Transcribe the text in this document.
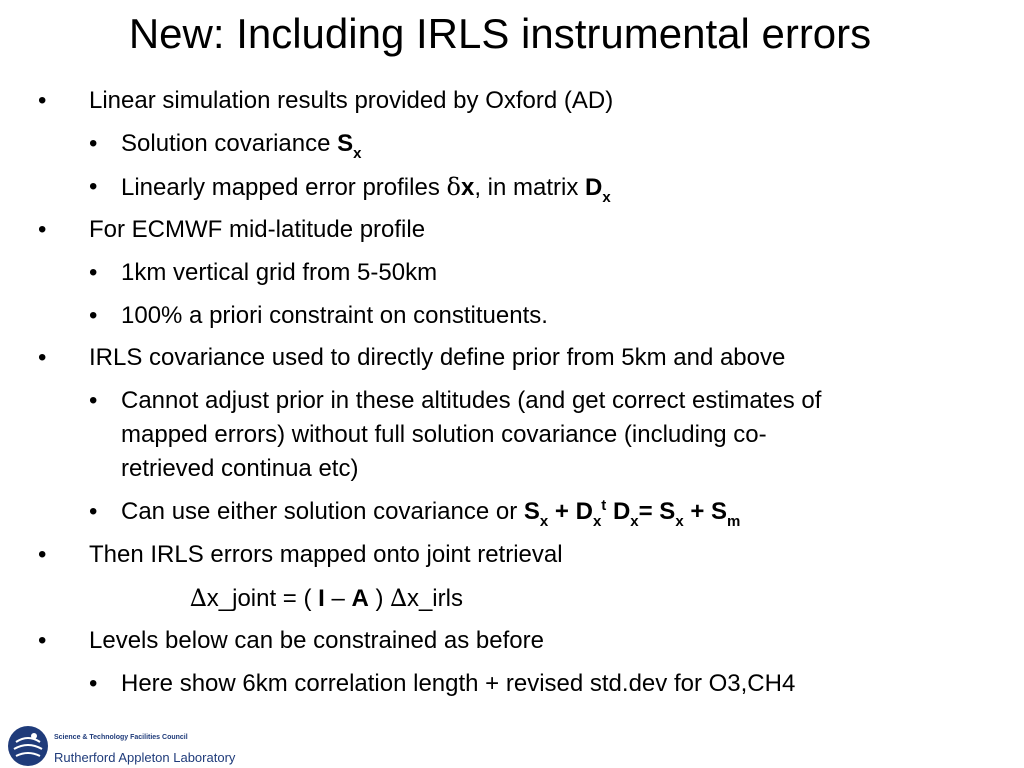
New: Including IRLS instrumental errors
• Linear simulation results provided by Oxford (AD)
• Solution covariance $S_x$
• Linearly mapped error profiles δx, in matrix $D_x$
• For ECMWF mid-latitude profile
• 1km vertical grid from 5-50km
• 100% a priori constraint on constituents.
• IRLS covariance used to directly define prior from 5km and above
• Cannot adjust prior in these altitudes (and get correct estimates of
mapped errors) without full solution covariance (including co-
retrieved continua etc)
• Can use either solution covariance or $S_x + D_x^t$ $D_x= S_x + S_m$
• Then IRLS errors mapped onto joint retrieval
∆x_joint = ( I – A ) ∆x_irls
• Levels below can be constrained as before
• Here show 6km correlation length + revised std.dev for O3,CH4
Science & Technology Facilities Council
Rutherford Appleton Laboratory
